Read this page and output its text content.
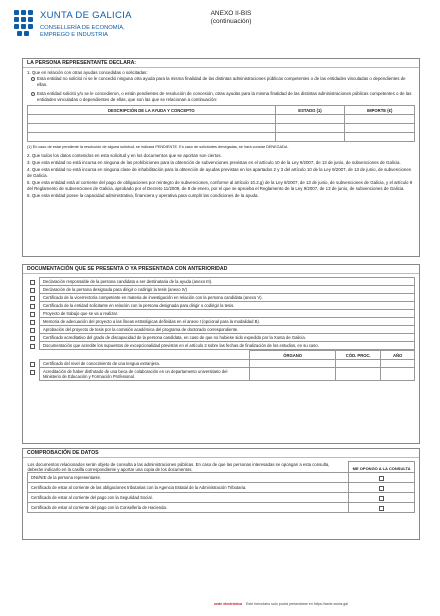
XUNTA DE GALICIA
CONSELLERÍA DE ECONOMÍA, EMPREGO E INDUSTRIA
ANEXO II-BIS
(continuación)
LA PERSONA REPRESENTANTE DECLARA:
1. Que en relación con otras ayudas concedidas o solicitadas:
Esta entidad no solicitó ni se le concedió ninguna otra ayuda para la misma finalidad de las distintas administraciones públicas competentes o de las entidades vinculadas o dependientes de ellas.
Esta entidad solicitó y/o se le concedieron, o están pendientes de resolución de concesión, otras ayudas para la misma finalidad de las distintas administraciones públicas competentes o de las entidades vinculadas o dependientes de ellas, que son las que se relacionan a continuación:
DESCRIPCIÓN DE LA AYUDA Y CONCEPTO	ESTADO (1)	IMPORTE (€)

(1) En caso de estar pendiente la resolución de alguna solicitud, se indicará PENDIENTE. En caso de solicitudes denegadas, se hará constar DENEGADA.
2. Que todos los datos contenidos en esta solicitud y en los documentos que se aportan son ciertos.
3. Que esta entidad no está incursa en ninguna de las prohibiciones para la obtención de subvenciones previstas en el artículo 10 de la Ley 9/2007, de 13 de junio, de subvenciones de Galicia.
4. Que esta entidad no está incursa en ninguna clase de inhabilitación para la obtención de ayudas previstas en los apartados 2 y 3 del artículo 10 de la Ley 9/2007, de 13 de junio, de subvenciones de Galicia.
5. Que esta entidad está al corriente del pago de obligaciones por reintegro de subvenciones, conforme al artículo 10.2.g) de la Ley 9/2007, de 13 de junio, de subvenciones de Galicia, y el artículo 9 del Reglamento de subvenciones de Galicia, aprobado por el Decreto 11/2009, de 8 de enero, por el que se aprueba el Reglamento de la Ley 9/2007, de 13 de junio, de subvenciones de Galicia.
6. Que esta entidad posee la capacidad administrativa, financiera y operativa para cumplir las condiciones de la ayuda.
DOCUMENTACIÓN QUE SE PRESENTA O YA PRESENTADA CON ANTERIORIDAD
Declaración responsable de la persona candidata a ser destinataria de la ayuda (anexo III).
Declaración de la persona designada para dirigir o codirigir la tesis (anexo IV)
Certificado de la vicerrectoría competente en materia de investigación en relación con la persona candidata (anexo V).
Certificado de la entidad solicitante en relación con la persona designada para dirigir o codirigir la tesis.
Proyecto de trabajo que se va a realizar.
Memoria de adecuación del proyecto a las líneas estratégicas definidas en el anexo I (opcional para la modalidad B).
Aprobación del proyecto de tesis por la comisión académica del programa de doctorado correspondiente.
Certificado acreditativo del grado de discapacidad de la persona candidata, en caso de que no hubiese sido expedido por la Xunta de Galicia.
Documentación que acredite los supuestos de excepcionalidad previstos en el artículo 2 sobre las fechas de finalización de los estudios, en su caso.
	ÓRGANO	CÓD. PROC.	AÑO

Certificado del nivel de conocimiento de una lengua extranjera.			

Acreditación de haber disfrutado de una beca de colaboración en un departamento universitario del Ministerio de Educación y Formación Profesional.			
COMPROBACIÓN DE DATOS
Los documentos relacionados serán objeto de consulta a las administraciones públicas. En caso de que las personas interesadas se opongan a esta consulta, deberán indicarlo en la casilla correspondiente y aportar una copia de los documentos.	ME OPONGO A LA CONSULTA
DNI/NIE de la persona representante.	
Certificado de estar al corriente de las obligaciones tributarias con la Agencia Estatal de la Administración Tributaria.	
Certificado de estar al corriente del pago con la Seguridad Social.	
Certificado de estar al corriente del pago con la Consellería de Hacienda.	
sede electrónica Este formulario solo podrá presentarse en https://sede.xunta.gal
